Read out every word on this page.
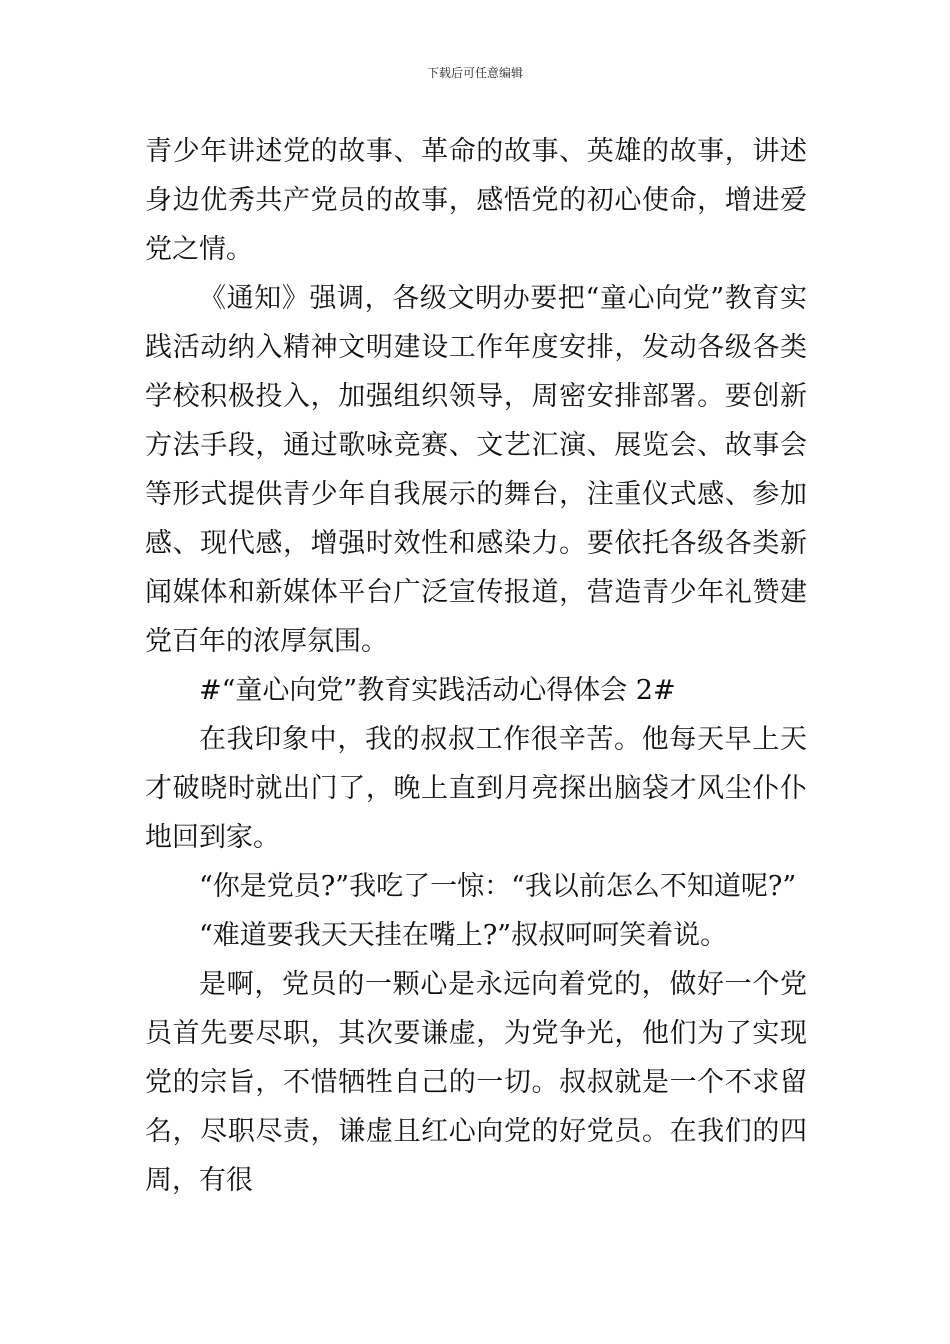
下载后可任意编辑

青少年讲述党的故事、革命的故事、英雄的故事，讲述身边优秀共产党员的故事，感悟党的初心使命，增进爱党之情。

《通知》强调，各级文明办要把“童心向党”教育实践活动纳入精神文明建设工作年度安排，发动各级各类学校积极投入，加强组织领导，周密安排部署。要创新方法手段，通过歌咏竞赛、文艺汇演、展览会、故事会等形式提供青少年自我展示的舞台，注重仪式感、参加感、现代感，增强时效性和感染力。要依托各级各类新闻媒体和新媒体平台广泛宣传报道，营造青少年礼赞建党百年的浓厚氛围。

#“童心向党”教育实践活动心得体会 2#

在我印象中，我的叔叔工作很辛苦。他每天早上天才破晓时就出门了，晚上直到月亮探出脑袋才风尘仆仆地回到家。

“你是党员?”我吃了一惊：“我以前怎么不知道呢?”

“难道要我天天挂在嘴上?”叔叔呵呵笑着说。

是啊，党员的一颗心是永远向着党的，做好一个党员首先要尽职，其次要谦虚，为党争光，他们为了实现党的宗旨，不惜牺牲自己的一切。叔叔就是一个不求留名，尽职尽责，谦虚且红心向党的好党员。在我们的四周，有很
